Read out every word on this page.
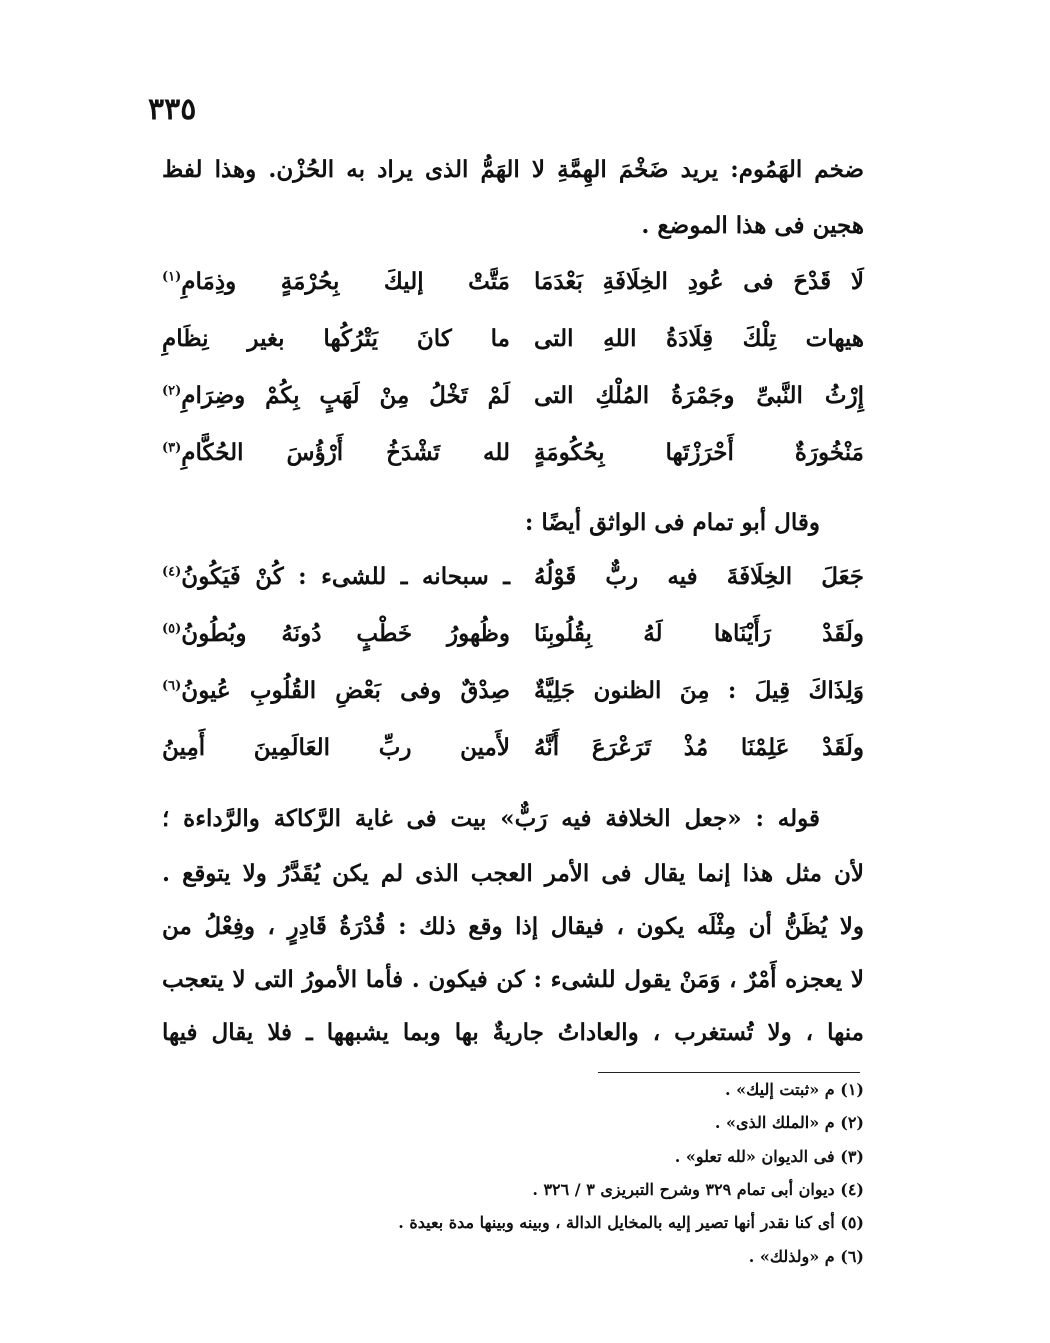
٣٣٥
ضخم الهَمُوم: يريد ضَخْمَ الهِمَّةِ لا الهَمُّ الذى يراد به الحُزْن. وهذا لفظ
هجين فى هذا الموضع .
لَا قَدْحَ فى عُودِ الخِلَافَةِ بَعْدَمَا
مَتَّتْ إليكَ بِحُرْمَةٍ وذِمَامِ$^{(١)}$
هيهات تِلْكَ قِلَادَةُ اللهِ التى
ما كانَ يَتْرُكُها بغير نِظَامِ
إِرْثُ النَّبىِّ وجَمْرَةُ المُلْكِ التى
لَمْ تَخْلُ مِنْ لَهَبٍ بِكُمْ وضِرَامِ$^{(٢)}$
مَنْخُورَةٌ أَحْرَزْتَها بِحُكُومَةٍ
لله تَشْدَخُ أَرْؤُسَ الحُكَّامِ$^{(٣)}$
وقال أبو تمام فى الواثق أيضًا :
جَعَلَ الخِلَافَةَ فيه ربٌّ قَوْلُهُ
ـ سبحانه ـ للشىء : كُنْ فَيَكُونُ$^{(٤)}$
ولَقَدْ رَأَيْنَاها لَهُ بِقُلُوبِنَا
وظُهورُ خَطْبٍ دُونَهُ وبُطُونُ$^{(٥)}$
وَلِذَاكَ قِيلَ : مِنَ الظنون جَلِيَّةٌ
صِدْقٌ وفى بَعْضِ القُلُوبِ عُيونُ$^{(٦)}$
ولَقَدْ عَلِمْنَا مُذْ تَرَعْرَعَ أَنَّهُ
لأَمين ربِّ العَالَمِينَ أَمِينُ
قوله : «جعل الخلافة فيه رَبٌّ» بيت فى غاية الرَّكاكة والرَّداءة ؛
لأن مثل هذا إنما يقال فى الأمر العجب الذى لم يكن يُقَدَّرُ ولا يتوقع .
ولا يُظَنُّ أن مِثْلَه يكون ، فيقال إذا وقع ذلك : قُدْرَةُ قَادِرٍ ، وفِعْلُ من
لا يعجزه أَمْرٌ ، وَمَنْ يقول للشىء : كن فيكون . فأما الأمورُ التى لا يتعجب
منها ، ولا تُستغرب ، والعاداتُ جاريةٌ بها وبما يشبهها ـ فلا يقال فيها
(١) م «ثبتت إليك» .
(٢) م «الملك الذى» .
(٣) فى الديوان «لله تعلو» .
(٤) ديوان أبى تمام ٣٢٩ وشرح التبريزى ٣ / ٣٢٦ .
(٥) أى كنا نقدر أنها تصير إليه بالمخايل الدالة ، وبينه وبينها مدة بعيدة .
(٦) م «ولذلك» .
